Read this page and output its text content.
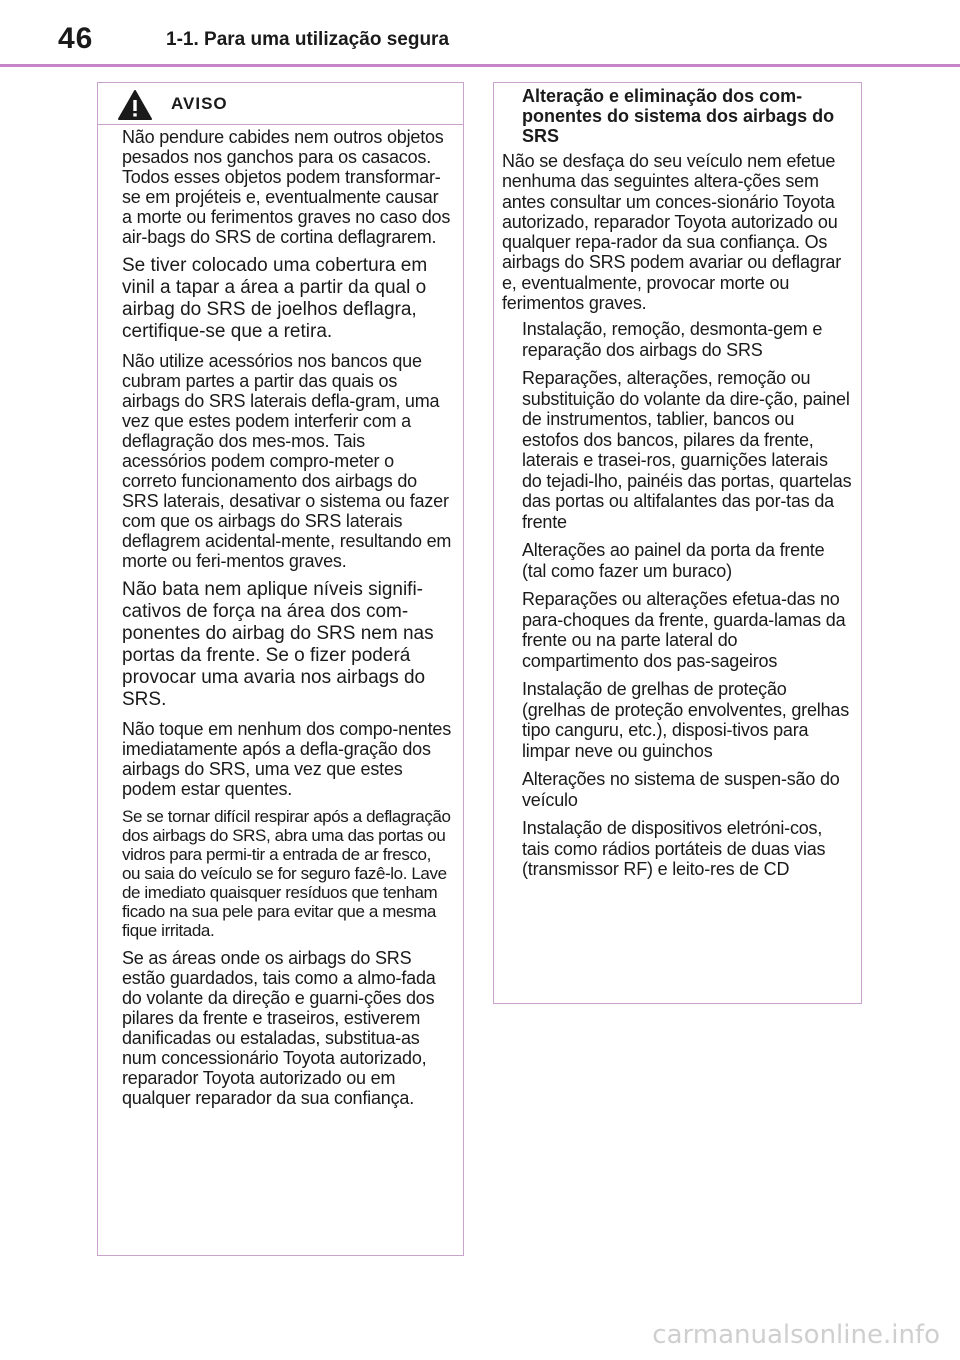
46	1-1. Para uma utilização segura
AVISO

Não pendure cabides nem outros objetos pesados nos ganchos para os casacos. Todos esses objetos podem transformar-se em projéteis e, eventualmente causar a morte ou ferimentos graves no caso dos air-bags do SRS de cortina deflagrarem.

Se tiver colocado uma cobertura em vinil a tapar a área a partir da qual o airbag do SRS de joelhos deflagra, certifique-se que a retira.

Não utilize acessórios nos bancos que cubram partes a partir das quais os airbags do SRS laterais defla-gram, uma vez que estes podem interferir com a deflagração dos mes-mos. Tais acessórios podem compro-meter o correto funcionamento dos airbags do SRS laterais, desativar o sistema ou fazer com que os airbags do SRS laterais deflagrem acidental-mente, resultando em morte ou feri-mentos graves.

Não bata nem aplique níveis signifi-cativos de força na área dos com-ponentes do airbag do SRS nem nas portas da frente. Se o fizer poderá provocar uma avaria nos airbags do SRS.

Não toque em nenhum dos compo-nentes imediatamente após a defla-gração dos airbags do SRS, uma vez que estes podem estar quentes.

Se se tornar difícil respirar após a deflagração dos airbags do SRS, abra uma das portas ou vidros para permi-tir a entrada de ar fresco, ou saia do veículo se for seguro fazê-lo. Lave de imediato quaisquer resíduos que tenham ficado na sua pele para evitar que a mesma fique irritada.

Se as áreas onde os airbags do SRS estão guardados, tais como a almo-fada do volante da direção e guarni-ções dos pilares da frente e traseiros, estiverem danificadas ou estaladas, substitua-as num concessionário Toyota autorizado, reparador Toyota autorizado ou em qualquer reparador da sua confiança.

Alteração e eliminação dos com-ponentes do sistema dos airbags do SRS

Não se desfaça do seu veículo nem efetue nenhuma das seguintes altera-ções sem antes consultar um conces-sionário Toyota autorizado, reparador Toyota autorizado ou qualquer repa-rador da sua confiança. Os airbags do SRS podem avariar ou deflagrar e, eventualmente, provocar morte ou ferimentos graves.

Instalação, remoção, desmonta-gem e reparação dos airbags do SRS

Reparações, alterações, remoção ou substituição do volante da dire-ção, painel de instrumentos, tablier, bancos ou estofos dos bancos, pilares da frente, laterais e trasei-ros, guarnições laterais do tejadi-lho, painéis das portas, quartelas das portas ou altifalantes das por-tas da frente

Alterações ao painel da porta da frente (tal como fazer um buraco)

Reparações ou alterações efetua-das no para-choques da frente, guarda-lamas da frente ou na parte lateral do compartimento dos pas-sageiros

Instalação de grelhas de proteção (grelhas de proteção envolventes, grelhas tipo canguru, etc.), disposi-tivos para limpar neve ou guinchos

Alterações no sistema de suspen-são do veículo

Instalação de dispositivos eletróni-cos, tais como rádios portáteis de duas vias (transmissor RF) e leito-res de CD

carmanualsonline.info
